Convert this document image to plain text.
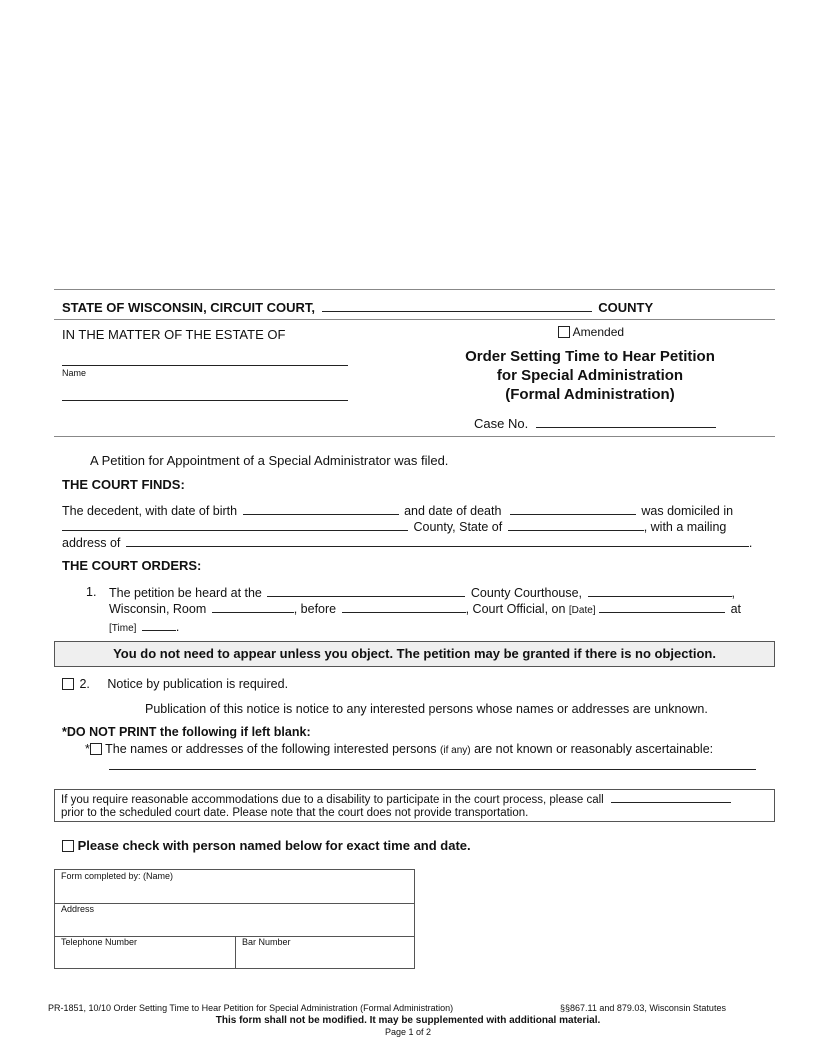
STATE OF WISCONSIN, CIRCUIT COURT,	COUNTY
IN THE MATTER OF THE ESTATE OF
Name
Amended
Order Setting Time to Hear Petition
for Special Administration
(Formal Administration)
Case No.
A Petition for Appointment of a Special Administrator was filed.
THE COURT FINDS:
The decedent, with date of birth	and date of death	was domiciled in
County, State of	, with a mailing
address of	.
THE COURT ORDERS:
1. The petition be heard at the	County Courthouse,	,
Wisconsin, Room	, before	, Court Official, on [Date]	at
[Time]	.
You do not need to appear unless you object. The petition may be granted if there is no objection.
2. Notice by publication is required.
Publication of this notice is notice to any interested persons whose names or addresses are unknown.
*DO NOT PRINT the following if left blank:
* The names or addresses of the following interested persons (if any) are not known or reasonably ascertainable:
If you require reasonable accommodations due to a disability to participate in the court process, please call
prior to the scheduled court date. Please note that the court does not provide transportation.
Please check with person named below for exact time and date.
Form completed by: (Name)
Address
Telephone Number	Bar Number
PR-1851, 10/10 Order Setting Time to Hear Petition for Special Administration (Formal Administration)	§§867.11 and 879.03, Wisconsin Statutes
This form shall not be modified. It may be supplemented with additional material.
Page 1 of 2
